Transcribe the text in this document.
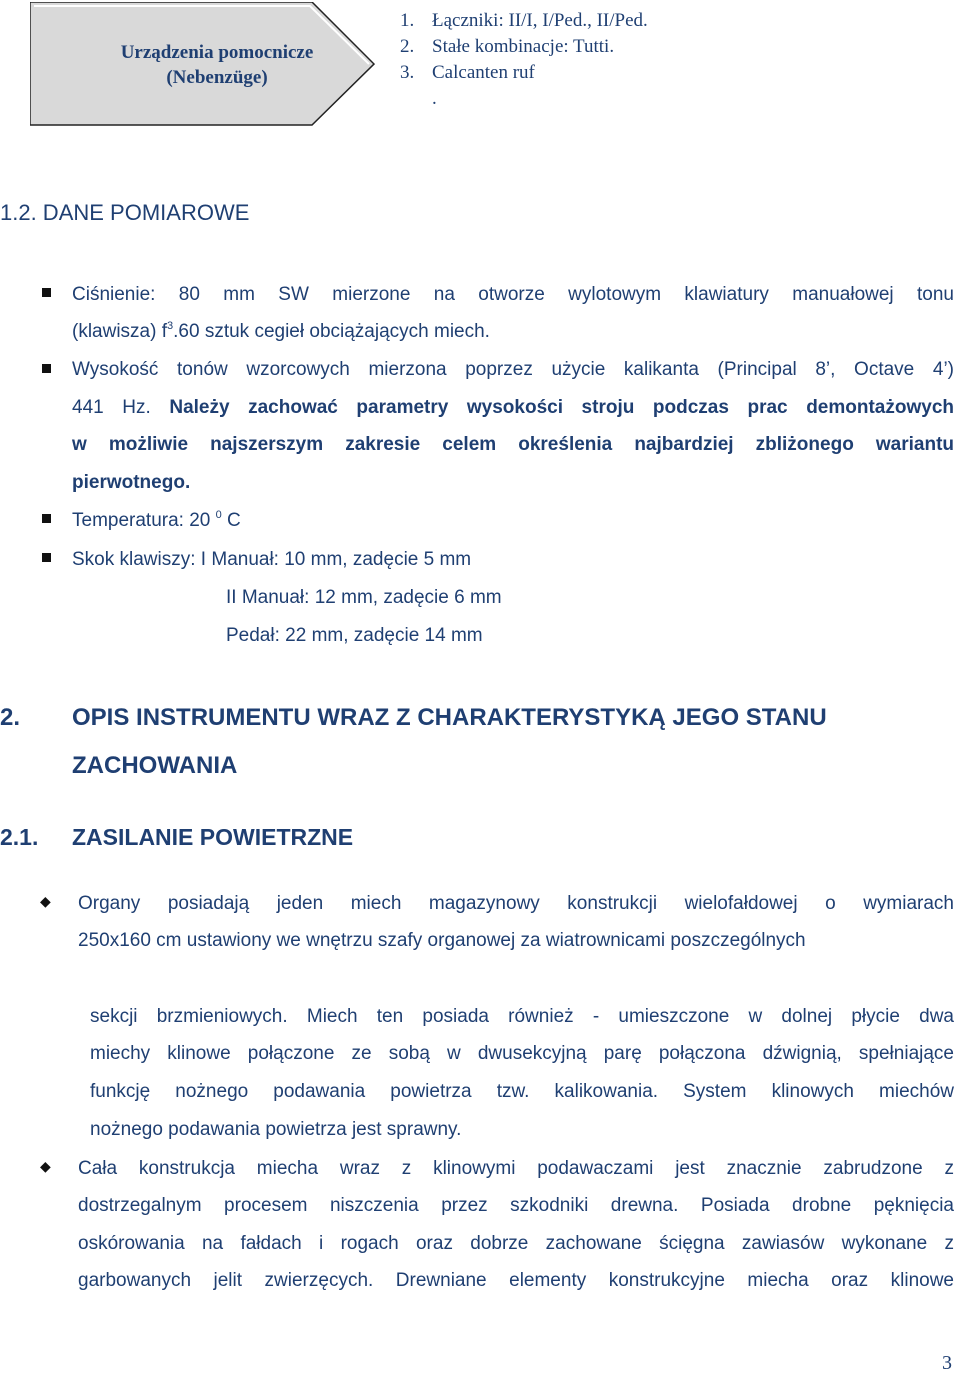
Urządzenia pomocnicze
(Nebenzüge)
1. Łączniki: II/I, I/Ped., II/Ped.
2. Stałe kombinacje: Tutti.
3. Calcanten ruf
.
1.2. DANE POMIAROWE
Ciśnienie: 80 mm SW mierzone na otworze wylotowym klawiatury manuałowej tonu
(klawisza) $f^3.60$ sztuk cegieł obciążających miech.
Wysokość tonów wzorcowych mierzona poprzez użycie kalikanta (Principal 8’, Octave 4’)
441 Hz. Należy zachować parametry wysokości stroju podczas prac demontażowych
w możliwie najszerszym zakresie celem określenia najbardziej zbliżonego wariantu
pierwotnego.
Temperatura: 20 $^0$ C
Skok klawiszy: I Manuał: 10 mm, zadęcie 5 mm
II Manuał: 12 mm, zadęcie 6 mm
Pedał: 22 mm, zadęcie 14 mm
2. OPIS INSTRUMENTU WRAZ Z CHARAKTERYSTYKĄ JEGO STANU
ZACHOWANIA
2.1. ZASILANIE POWIETRZNE
◆ Organy posiadają jeden miech magazynowy konstrukcji wielofałdowej o wymiarach
250x160 cm ustawiony we wnętrzu szafy organowej za wiatrownicami poszczególnych
sekcji brzmieniowych. Miech ten posiada również - umieszczone w dolnej płycie dwa
miechy klinowe połączone ze sobą w dwusekcyjną parę połączona dźwignią, spełniające
funkcję nożnego podawania powietrza tzw. kalikowania. System klinowych miechów
nożnego podawania powietrza jest sprawny.
◆ Cała konstrukcja miecha wraz z klinowymi podawaczami jest znacznie zabrudzone z
dostrzegalnym procesem niszczenia przez szkodniki drewna. Posiada drobne pęknięcia
oskórowania na fałdach i rogach oraz dobrze zachowane ścięgna zawiasów wykonane z
garbowanych jelit zwierzęcych. Drewniane elementy konstrukcyjne miecha oraz klinowe
3
